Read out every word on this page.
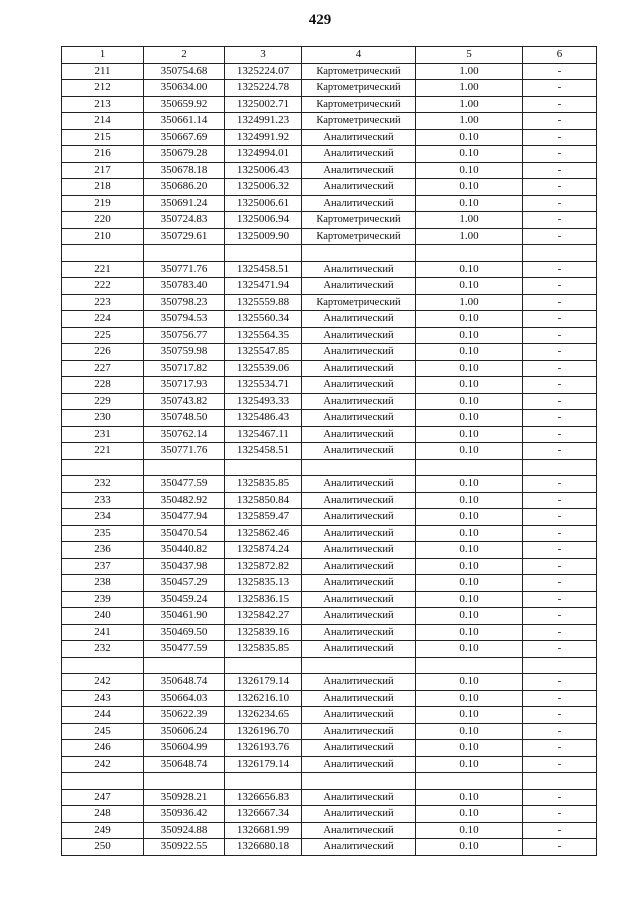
429
1	2	3	4	5	6
211	350754.68	1325224.07	Картометрический	1.00	-
212	350634.00	1325224.78	Картометрический	1.00	-
213	350659.92	1325002.71	Картометрический	1.00	-
214	350661.14	1324991.23	Картометрический	1.00	-
215	350667.69	1324991.92	Аналитический	0.10	-
216	350679.28	1324994.01	Аналитический	0.10	-
217	350678.18	1325006.43	Аналитический	0.10	-
218	350686.20	1325006.32	Аналитический	0.10	-
219	350691.24	1325006.61	Аналитический	0.10	-
220	350724.83	1325006.94	Картометрический	1.00	-
210	350729.61	1325009.90	Картометрический	1.00	-

221	350771.76	1325458.51	Аналитический	0.10	-
222	350783.40	1325471.94	Аналитический	0.10	-
223	350798.23	1325559.88	Картометрический	1.00	-
224	350794.53	1325560.34	Аналитический	0.10	-
225	350756.77	1325564.35	Аналитический	0.10	-
226	350759.98	1325547.85	Аналитический	0.10	-
227	350717.82	1325539.06	Аналитический	0.10	-
228	350717.93	1325534.71	Аналитический	0.10	-
229	350743.82	1325493.33	Аналитический	0.10	-
230	350748.50	1325486.43	Аналитический	0.10	-
231	350762.14	1325467.11	Аналитический	0.10	-
221	350771.76	1325458.51	Аналитический	0.10	-

232	350477.59	1325835.85	Аналитический	0.10	-
233	350482.92	1325850.84	Аналитический	0.10	-
234	350477.94	1325859.47	Аналитический	0.10	-
235	350470.54	1325862.46	Аналитический	0.10	-
236	350440.82	1325874.24	Аналитический	0.10	-
237	350437.98	1325872.82	Аналитический	0.10	-
238	350457.29	1325835.13	Аналитический	0.10	-
239	350459.24	1325836.15	Аналитический	0.10	-
240	350461.90	1325842.27	Аналитический	0.10	-
241	350469.50	1325839.16	Аналитический	0.10	-
232	350477.59	1325835.85	Аналитический	0.10	-

242	350648.74	1326179.14	Аналитический	0.10	-
243	350664.03	1326216.10	Аналитический	0.10	-
244	350622.39	1326234.65	Аналитический	0.10	-
245	350606.24	1326196.70	Аналитический	0.10	-
246	350604.99	1326193.76	Аналитический	0.10	-
242	350648.74	1326179.14	Аналитический	0.10	-

247	350928.21	1326656.83	Аналитический	0.10	-
248	350936.42	1326667.34	Аналитический	0.10	-
249	350924.88	1326681.99	Аналитический	0.10	-
250	350922.55	1326680.18	Аналитический	0.10	-
